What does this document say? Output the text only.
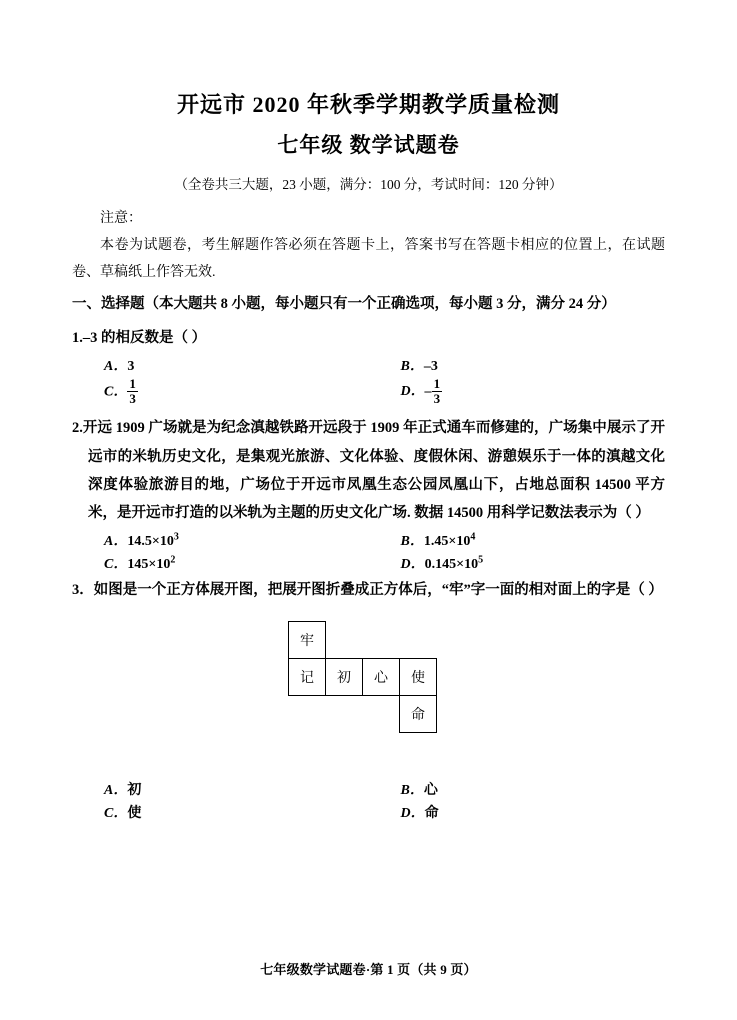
开远市 2020 年秋季学期教学质量检测
七年级 数学试题卷
（全卷共三大题，23 小题，满分：100 分，考试时间：120 分钟）
注意：
本卷为试题卷，考生解题作答必须在答题卡上，答案书写在答题卡相应的位置上，在试题卷、草稿纸上作答无效.
一、选择题（本大题共 8 小题，每小题只有一个正确选项，每小题 3 分，满分 24 分）
1.–3 的相反数是（ ）
A．3	B．–3
C． $\frac{1}{3}$	D． – $\frac{1}{3}$
2.开远 1909 广场就是为纪念滇越铁路开远段于 1909 年正式通车而修建的，广场集中展示了开远市的米轨历史文化，是集观光旅游、文化体验、度假休闲、游憩娱乐于一体的滇越文化深度体验旅游目的地，广场位于开远市凤凰生态公园凤凰山下，占地总面积 14500 平方米，是开远市打造的以米轨为主题的历史文化广场. 数据 14500 用科学记数法表示为（ ）
A．$14.5\times 10^3$	B．$1.45\times 10^4$
C．$145\times 10^2$	D．$0.145\times 10^5$
3．如图是一个正方体展开图，把展开图折叠成正方体后，“牢”字一面的相对面上的字是（ ）
牢
记	初	心	使
命
A．初	B．心
C．使	D．命
七年级数学试题卷·第 1 页（共 9 页）
